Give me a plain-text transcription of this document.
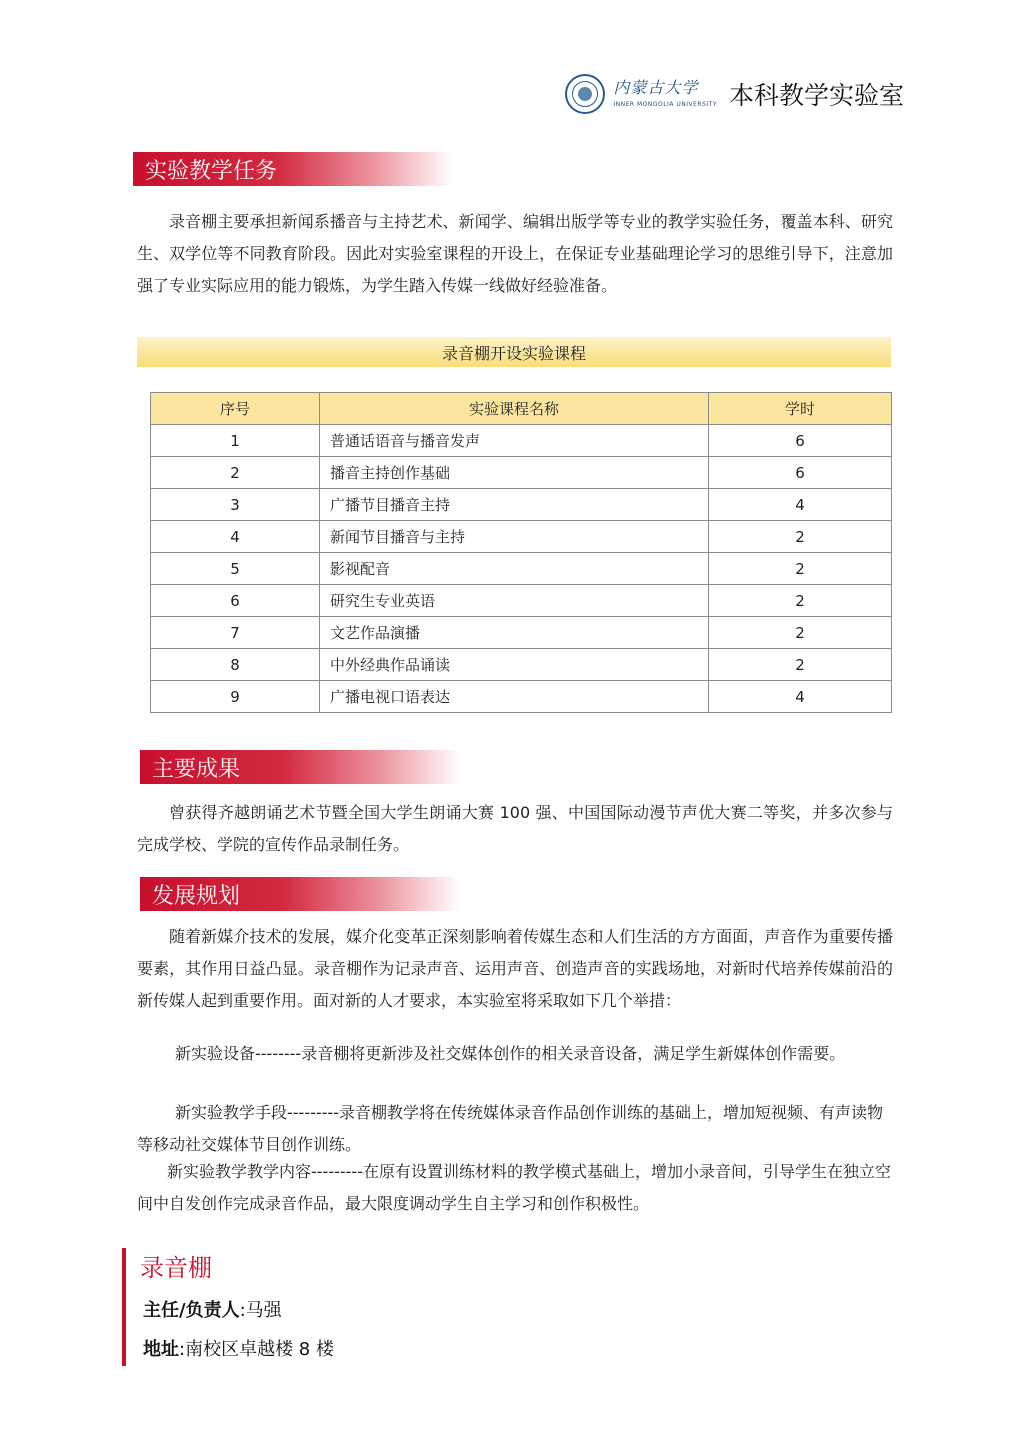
内蒙古大学
INNER MONGOLIA UNIVERSITY 本科教学实验室
实验教学任务

录音棚主要承担新闻系播音与主持艺术、新闻学、编辑出版学等专业的教学实验任务，覆盖本科、研究生、双学位等不同教育阶段。因此对实验室课程的开设上，在保证专业基础理论学习的思维引导下，注意加强了专业实际应用的能力锻炼，为学生踏入传媒一线做好经验准备。

录音棚开设实验课程
序号	实验课程名称	学时
1	普通话语音与播音发声	6
2	播音主持创作基础	6
3	广播节目播音主持	4
4	新闻节目播音与主持	2
5	影视配音	2
6	研究生专业英语	2
7	文艺作品演播	2
8	中外经典作品诵读	2
9	广播电视口语表达	4
主要成果

曾获得齐越朗诵艺术节暨全国大学生朗诵大赛 100 强、中国国际动漫节声优大赛二等奖，并多次参与完成学校、学院的宣传作品录制任务。

发展规划

随着新媒介技术的发展，媒介化变革正深刻影响着传媒生态和人们生活的方方面面，声音作为重要传播要素，其作用日益凸显。录音棚作为记录声音、运用声音、创造声音的实践场地，对新时代培养传媒前沿的新传媒人起到重要作用。面对新的人才要求，本实验室将采取如下几个举措：

新实验设备--------录音棚将更新涉及社交媒体创作的相关录音设备，满足学生新媒体创作需要。

新实验教学手段---------录音棚教学将在传统媒体录音作品创作训练的基础上，增加短视频、有声读物等移动社交媒体节目创作训练。

新实验教学教学内容---------在原有设置训练材料的教学模式基础上，增加小录音间，引导学生在独立空间中自发创作完成录音作品，最大限度调动学生自主学习和创作积极性。

录音棚
主任/负责人:马强
地址:南校区卓越楼 8 楼
